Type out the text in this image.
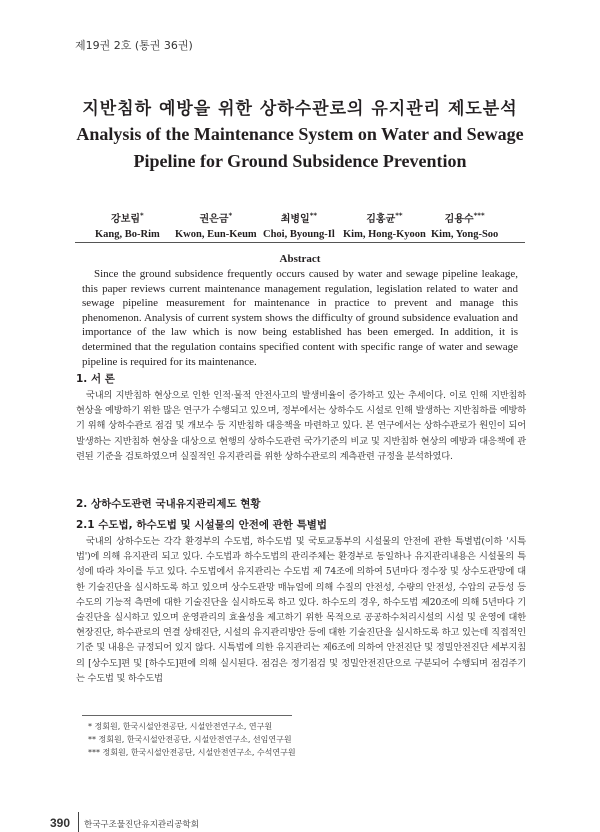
제19권 2호 (통권 36권)
지반침하 예방을 위한 상하수관로의 유지관리 제도분석
Analysis of the Maintenance System on Water and Sewage Pipeline for Ground Subsidence Prevention
강보림*
Kang, Bo-Rim
권은금*
Kwon, Eun-Keum
최병일**
Choi, Byoung-Il
김홍균**
Kim, Hong-Kyoon
김용수***
Kim, Yong-Soo
Abstract
Since the ground subsidence frequently occurs caused by water and sewage pipeline leakage, this paper reviews current maintenance management regulation, legislation related to water and sewage pipeline measurement for maintenance in practice to prevent and manage this phenomenon. Analysis of current system shows the difficulty of ground subsidence evaluation and importance of the law which is now being established has been emerged. In addition, it is determined that the regulation contains specified content with specific range of water and sewage pipeline is required for its maintenance.
1. 서 론
국내의 지반침하 현상으로 인한 인적·물적 안전사고의 발생비율이 증가하고 있는 추세이다. 이로 인해 지반침하 현상을 예방하기 위한 많은 연구가 수행되고 있으며, 정부에서는 상하수도 시설로 인해 발생하는 지반침하를 예방하기 위해 상하수관로 점검 및 개보수 등 지반침하 대응책을 마련하고 있다. 본 연구에서는 상하수관로가 원인이 되어 발생하는 지반침하 현상을 대상으로 현행의 상하수도관련 국가기준의 비교 및 지반침하 현상의 예방과 대응책에 관련된 기준을 검토하였으며 실질적인 유지관리를 위한 상하수관로의 계측관련 규정을 분석하였다.
2. 상하수도관련 국내유지관리제도 현황
2.1 수도법, 하수도법 및 시설물의 안전에 관한 특별법
국내의 상하수도는 각각 환경부의 수도법, 하수도법 및 국토교통부의 시설물의 안전에 관한 특별법(이하 '시특법')에 의해 유지관리 되고 있다. 수도법과 하수도법의 관리주체는 환경부로 동일하나 유지관리내용은 시설물의 특성에 따라 차이를 두고 있다. 수도법에서 유지관리는 수도법 제 74조에 의하여 5년마다 정수장 및 상수도관망에 대한 기술진단을 실시하도록 하고 있으며 상수도관망 매뉴얼에 의해 수질의 안전성, 수량의 안전성, 수압의 균등성 등 수도의 기능적 측면에 대한 기술진단을 실시하도록 하고 있다. 하수도의 경우, 하수도법 제20조에 의해 5년마다 기술진단을 실시하고 있으며 운영관리의 효율성을 제고하기 위한 목적으로 공공하수처리시설의 시설 및 운영에 대한 현장진단, 하수관로의 연결 상태진단, 시설의 유지관리방안 등에 대한 기술진단을 실시하도록 하고 있는데 직접적인 기준 및 내용은 규정되어 있지 않다. 시특법에 의한 유지관리는 제6조에 의하여 안전진단 및 정밀안전진단 세부지침의 [상수도]편 및 [하수도]편에 의해 실시된다. 점검은 정기점검 및 정밀안전진단으로 구분되어 수행되며 점검주기는 수도법 및 하수도법
* 정회원, 한국시설안전공단, 시설안전연구소, 연구원
** 정회원, 한국시설안전공단, 시설안전연구소, 선임연구원
*** 정회원, 한국시설안전공단, 시설안전연구소, 수석연구원
390 한국구조물진단유지관리공학회
